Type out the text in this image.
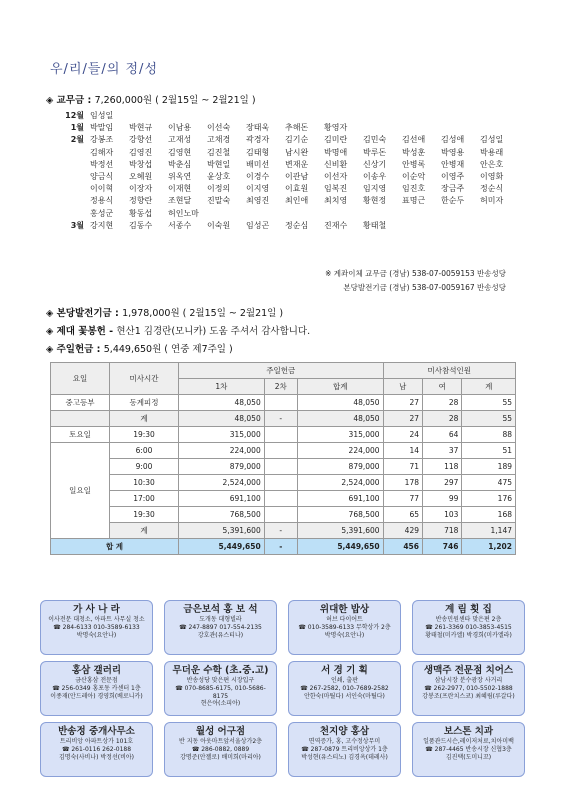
우/리/들/의 정/성
◈ 교무금 : 7,260,000원 ( 2월15일 ~ 2월21일 )
12월 임성일
1월 박말임	박현규	이남용	이선숙	장태욱	추해돈	황영자
2월 강봉조	강향선	고재성	고채경	곽경자	김기순	김미란	김민숙	김선애	김성애	김성일
김해자	김영진	김영현	김진철	김태형	남시완	박명애	박루돈	박성훈	박영용	박용래
박정선	박창섭	박춘심	박현일	배미선	변재운	신비환	신상기	안병록	안병재	안은호
양금식	오혜원	위옥연	윤상호	이경수	이관남	이선자	이송우	이순악	이영주	이영화
이이혁	이장자	이재현	이정의	이지영	이효원	임복진	임지영	임진호	장금주	정순식
정용식	정향란	조현달	진말숙	최영진	최인애	최치영	황현정	표명근	한순두	허미자
홍성군	황동섭	허인노마
3월 강지현	김동수	서종수	이숙원	임성곤	정순심	진재수	황태철
※ 계좌이체 교무금 (경남) 538-07-0059153 반송성당
본당발전기금 (경남) 538-07-0059167 반송성당
◈ 본당발전기금 : 1,978,000원 ( 2월15일 ~ 2월21일 )
◈ 제대 꽃봉헌 - 현산1 김경란(모니카) 도움 주셔서 감사합니다.
◈ 주일헌금 : 5,449,650원 ( 연중 제7주일 )
요일	미사시간	주일헌금			미사참석인원		
		1차	2차	합계	남	여	계
중고등부	동계피정	48,050		48,050	27	28	55
	계	48,050	-	48,050	27	28	55
토요일	19:30	315,000		315,000	24	64	88
일요일	6:00	224,000		224,000	14	37	51
	9:00	879,000		879,000	71	118	189
	10:30	2,524,000		2,524,000	178	297	475
	17:00	691,100		691,100	77	99	176
	19:30	768,500		768,500	65	103	168
	계	5,391,600	-	5,391,600	429	718	1,147
합 계		5,449,650	-	5,449,650	456	746	1,202
가 사 나 라
이사전문 대청소, 아파트 사무실 청소
☎ 284-6133 010-3589-6133
박명숙(요안나)
금은보석 홍 보 석
도개동 대형빌라
☎ 247-8897 017-554-2135
강호관(유스티나)
위대한 밥상
허브 다이어트
☎ 010-3589-6133 무학상가 2층
박명숙(요안나)
계 림 횟 집
반송민원센타 맞은편 2층
☎ 261-3369 010-3853-4515
황태철(미카엘) 박경희(미카엘라)
홍삼 갤러리
금산홍삼 전문점
☎ 256-0349 홍포동 카센터 1층
이종재(안드레아) 경영희(베로니카)
무더운 수학 (초.중.고)
반송성당 맞은편 시장입구
☎ 070-8685-6175, 010-5686-8175
현은아(소피아)
서 경 기 획
인쇄, 출판
☎ 267-2582, 010-7689-2582
안한숙(마틸다) 서인숙(마틸다)
생맥주 전문점 치어스
삼남시장 분수광장 사거리
☎ 262-2977, 010-5502-1888
강봉조(프란치스코) 최혜림(루갈다)
반송정 중개사무소
트리비앙 아파트상가 101호
☎ 261-0116 262-0188
김명숙(사비나) 박정선(비아)
월성 어구점
반 지동 아웃마트앞서울상가2층
☎ 286-0882, 0889
강명준(안젤로) 배미희(마리아)
천지양 홍삼
면역증가, 홍, 고수정상무미
☎ 287-0879 트리비앙상가 1층
박성현(유스티노) 김경옥(데레사)
보스톤 치과
일품관드시슨,레이저처료,치아미백
☎ 287-4465 반송시장 신협3층
김진택(도미니꼬)
